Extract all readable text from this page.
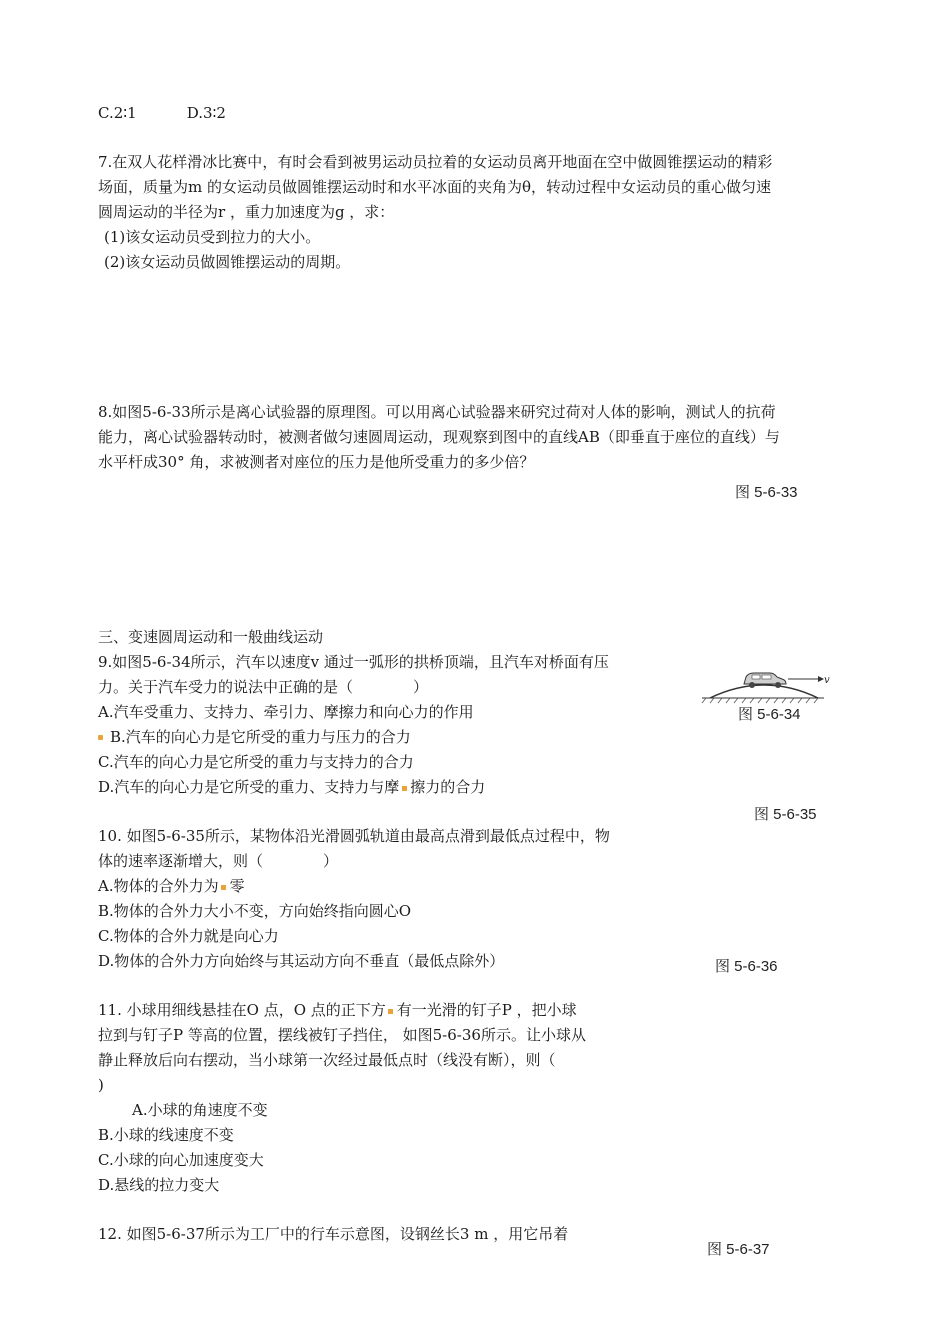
C.2∶1	D.3∶2
7.在双人花样滑冰比赛中，有时会看到被男运动员拉着的女运动员离开地面在空中做圆锥摆运动的精彩
场面，质量为m 的女运动员做圆锥摆运动时和水平冰面的夹角为θ，转动过程中女运动员的重心做匀速
圆周运动的半径为r ，重力加速度为g ，求：
(1)该女运动员受到拉力的大小。
(2)该女运动员做圆锥摆运动的周期。
8.如图5-6-33所示是离心试验器的原理图。可以用离心试验器来研究过荷对人体的影响，测试人的抗荷
能力，离心试验器转动时，被测者做匀速圆周运动，现观察到图中的直线AB（即垂直于座位的直线）与
水平杆成30° 角，求被测者对座位的压力是他所受重力的多少倍？
图 5-6-33
三、变速圆周运动和一般曲线运动
9.如图5-6-34所示，汽车以速度v 通过一弧形的拱桥顶端，且汽车对桥面有压
力。关于汽车受力的说法中正确的是（　　　　）
A.汽车受重力、支持力、牵引力、摩擦力和向心力的作用
B.汽车的向心力是它所受的重力与压力的合力
C.汽车的向心力是它所受的重力与支持力的合力
D.汽车的向心力是它所受的重力、支持力与摩 擦力的合力
v
图 5-6-34
图 5-6-35
10. 如图5-6-35所示，某物体沿光滑圆弧轨道由最高点滑到最低点过程中，物
体的速率逐渐增大，则（　　　　）
A.物体的合外力为 零
B.物体的合外力大小不变，方向始终指向圆心O
C.物体的合外力就是向心力
D.物体的合外力方向始终与其运动方向不垂直（最低点除外）	图 5-6-36
11. 小球用细线悬挂在O 点，O 点的正下方 有一光滑的钉子P ，把小球
拉到与钉子P 等高的位置，摆线被钉子挡住， 如图5-6-36所示。让小球从
静止释放后向右摆动，当小球第一次经过最低点时（线没有断），则（
)
A.小球的角速度不变
B.小球的线速度不变
C.小球的向心加速度变大
D.悬线的拉力变大
12. 如图5-6-37所示为工厂中的行车示意图，设钢丝长3 m ，用它吊着
图 5-6-37
